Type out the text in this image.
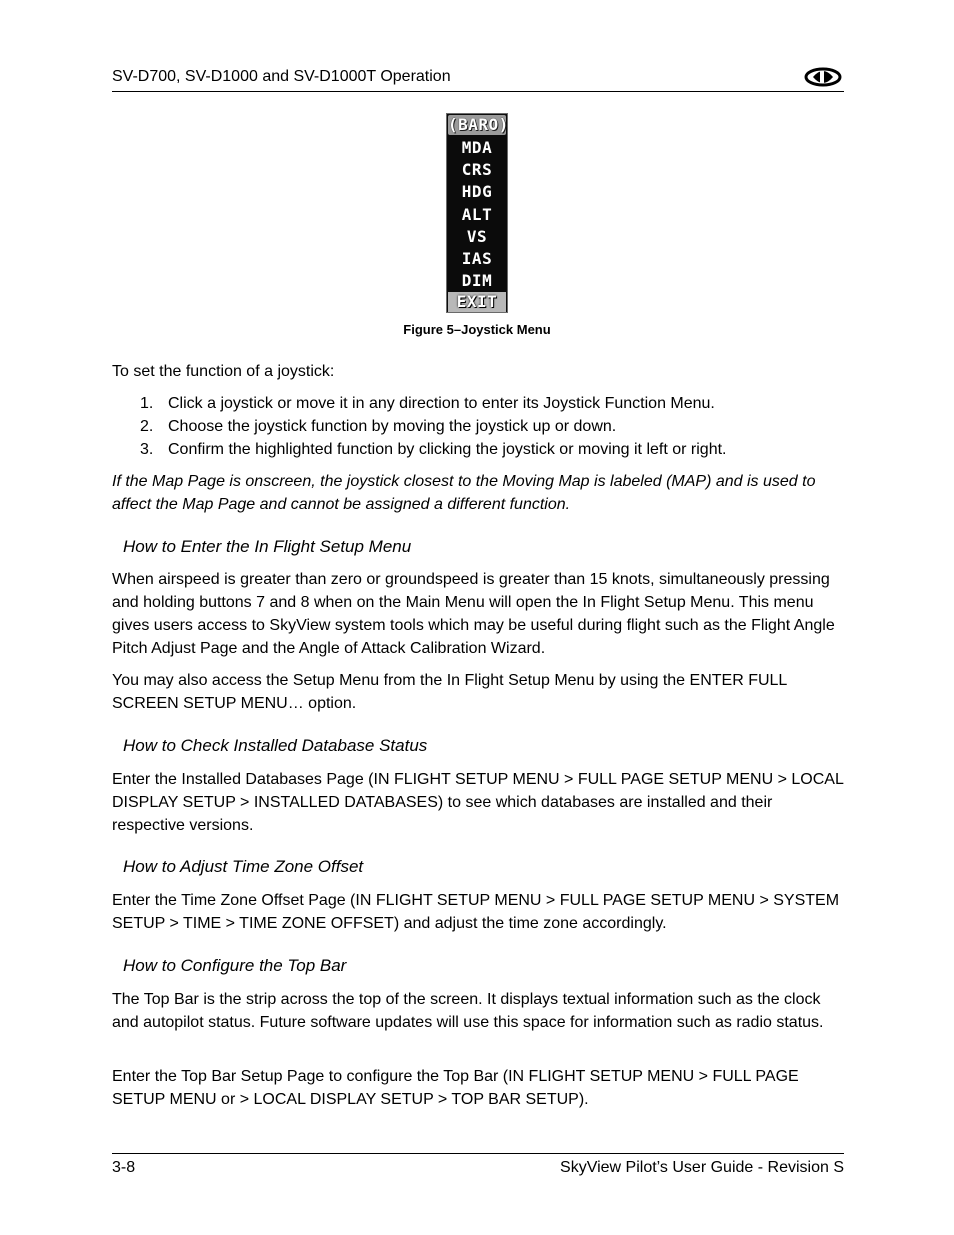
SV-D700, SV-D1000 and SV-D1000T Operation
(BARO)
MDA
CRS
HDG
ALT
VS
IAS
DIM
EXIT
Figure 5–Joystick Menu
To set the function of a joystick:
1. Click a joystick or move it in any direction to enter its Joystick Function Menu.
2. Choose the joystick function by moving the joystick up or down.
3. Confirm the highlighted function by clicking the joystick or moving it left or right.
If the Map Page is onscreen, the joystick closest to the Moving Map is labeled (MAP) and is used to affect the Map Page and cannot be assigned a different function.
How to Enter the In Flight Setup Menu
When airspeed is greater than zero or groundspeed is greater than 15 knots, simultaneously pressing and holding buttons 7 and 8 when on the Main Menu will open the In Flight Setup Menu. This menu gives users access to SkyView system tools which may be useful during flight such as the Flight Angle Pitch Adjust Page and the Angle of Attack Calibration Wizard.
You may also access the Setup Menu from the In Flight Setup Menu by using the ENTER FULL SCREEN SETUP MENU… option.
How to Check Installed Database Status
Enter the Installed Databases Page (IN FLIGHT SETUP MENU > FULL PAGE SETUP MENU > LOCAL DISPLAY SETUP > INSTALLED DATABASES) to see which databases are installed and their respective versions.
How to Adjust Time Zone Offset
Enter the Time Zone Offset Page (IN FLIGHT SETUP MENU > FULL PAGE SETUP MENU > SYSTEM SETUP > TIME > TIME ZONE OFFSET) and adjust the time zone accordingly.
How to Configure the Top Bar
The Top Bar is the strip across the top of the screen. It displays textual information such as the clock and autopilot status. Future software updates will use this space for information such as radio status.
Enter the Top Bar Setup Page to configure the Top Bar (IN FLIGHT SETUP MENU > FULL PAGE SETUP MENU or > LOCAL DISPLAY SETUP > TOP BAR SETUP).
3-8	SkyView Pilot’s User Guide - Revision S
